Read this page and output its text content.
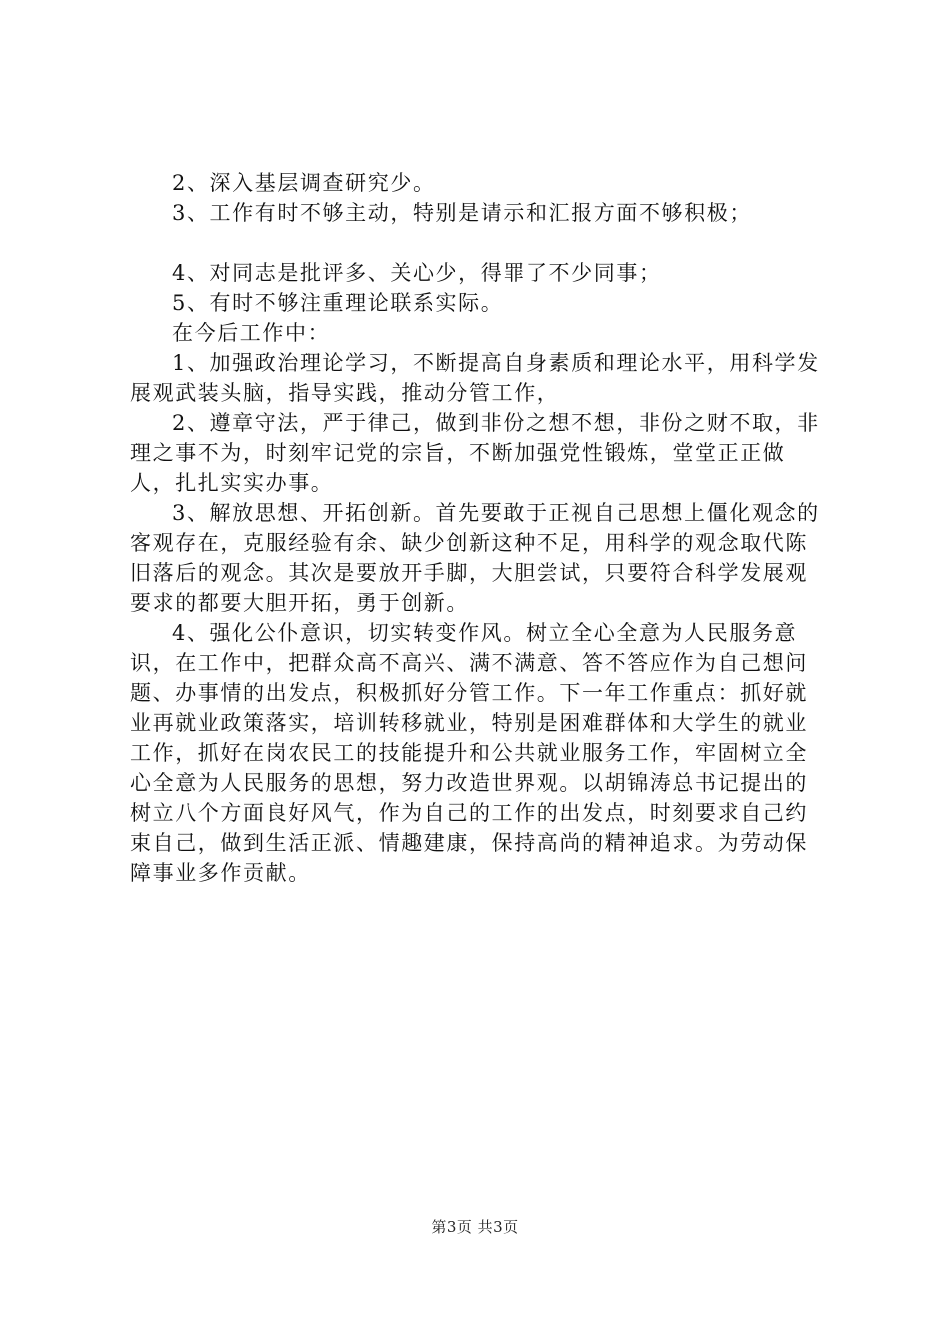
2、深入基层调查研究少。

3、工作有时不够主动，特别是请示和汇报方面不够积极；

4、对同志是批评多、关心少，得罪了不少同事；

5、有时不够注重理论联系实际。

在今后工作中：

1、加强政治理论学习，不断提高自身素质和理论水平，用科学发展观武装头脑，指导实践，推动分管工作，

2、遵章守法，严于律己，做到非份之想不想，非份之财不取，非理之事不为，时刻牢记党的宗旨，不断加强党性锻炼，堂堂正正做人，扎扎实实办事。

3、解放思想、开拓创新。首先要敢于正视自己思想上僵化观念的客观存在，克服经验有余、缺少创新这种不足，用科学的观念取代陈旧落后的观念。其次是要放开手脚，大胆尝试，只要符合科学发展观要求的都要大胆开拓，勇于创新。

4、强化公仆意识，切实转变作风。树立全心全意为人民服务意识，在工作中，把群众高不高兴、满不满意、答不答应作为自己想问题、办事情的出发点，积极抓好分管工作。下一年工作重点：抓好就业再就业政策落实，培训转移就业，特别是困难群体和大学生的就业工作，抓好在岗农民工的技能提升和公共就业服务工作，牢固树立全心全意为人民服务的思想，努力改造世界观。以胡锦涛总书记提出的树立八个方面良好风气，作为自己的工作的出发点，时刻要求自己约束自己，做到生活正派、情趣建康，保持高尚的精神追求。为劳动保障事业多作贡献。

第3页 共3页
